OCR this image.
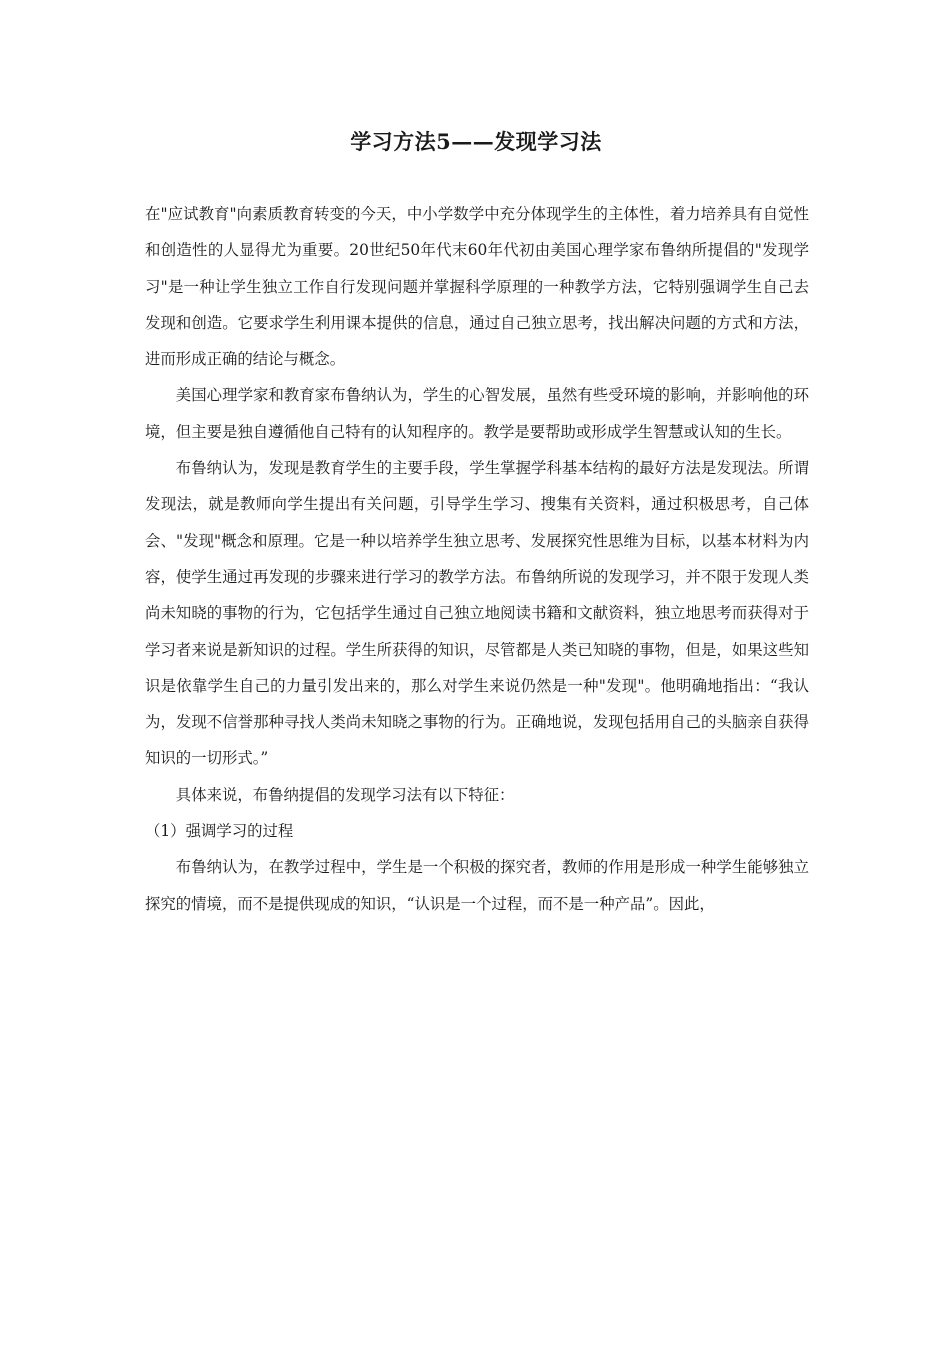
学习方法5——发现学习法

在"应试教育"向素质教育转变的今天，中小学数学中充分体现学生的主体性，着力培养具有自觉性和创造性的人显得尤为重要。20世纪50年代末60年代初由美国心理学家布鲁纳所提倡的"发现学习"是一种让学生独立工作自行发现问题并掌握科学原理的一种教学方法，它特别强调学生自己去发现和创造。它要求学生利用课本提供的信息，通过自己独立思考，找出解决问题的方式和方法，进而形成正确的结论与概念。

美国心理学家和教育家布鲁纳认为，学生的心智发展，虽然有些受环境的影响，并影响他的环境，但主要是独自遵循他自己特有的认知程序的。教学是要帮助或形成学生智慧或认知的生长。

布鲁纳认为，发现是教育学生的主要手段，学生掌握学科基本结构的最好方法是发现法。所谓发现法，就是教师向学生提出有关问题，引导学生学习、搜集有关资料，通过积极思考，自己体会、"发现"概念和原理。它是一种以培养学生独立思考、发展探究性思维为目标，以基本材料为内容，使学生通过再发现的步骤来进行学习的教学方法。布鲁纳所说的发现学习，并不限于发现人类尚未知晓的事物的行为，它包括学生通过自己独立地阅读书籍和文献资料，独立地思考而获得对于学习者来说是新知识的过程。学生所获得的知识，尽管都是人类已知晓的事物，但是，如果这些知识是依靠学生自己的力量引发出来的，那么对学生来说仍然是一种"发现"。他明确地指出：“我认为，发现不信誉那种寻找人类尚未知晓之事物的行为。正确地说，发现包括用自己的头脑亲自获得知识的一切形式。”

具体来说，布鲁纳提倡的发现学习法有以下特征：

（1）强调学习的过程

布鲁纳认为，在教学过程中，学生是一个积极的探究者，教师的作用是形成一种学生能够独立探究的情境，而不是提供现成的知识，“认识是一个过程，而不是一种产品”。因此，
